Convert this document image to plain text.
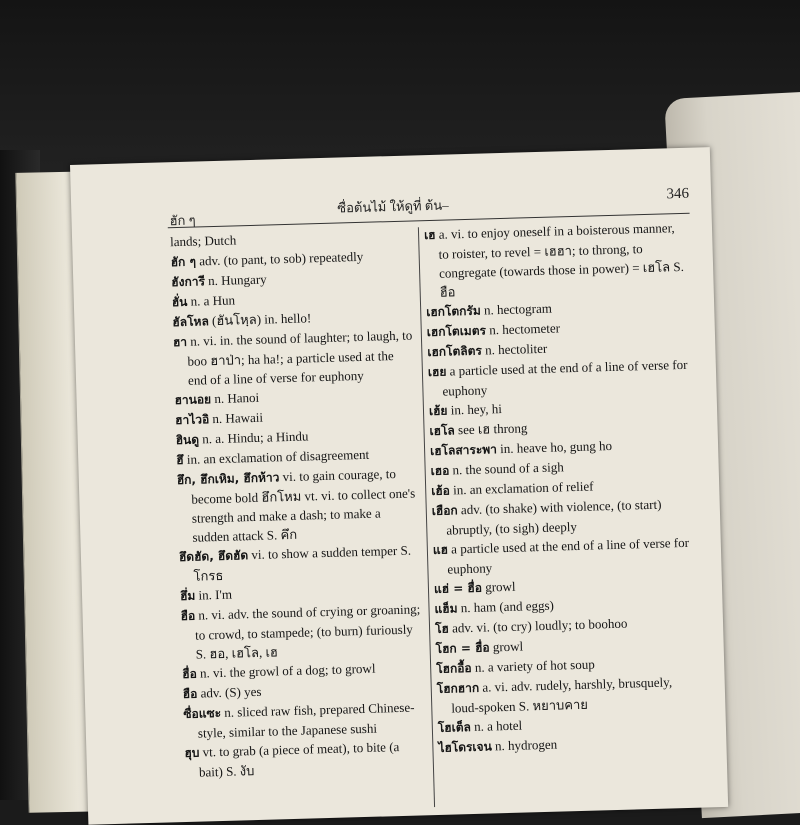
ฮัก ๆ
ซื่อต้นไม้ ให้ดูที่ ต้น–
346

lands; Dutch

ฮัก ๆ adv. (to pant, to sob) repeatedly

ฮังการี n. Hungary

ฮั่น n. a Hun

ฮัลโหล (ฮันโหฺล) in. hello!

ฮา n. vi. in. the sound of laughter; to laugh, to boo ฮาป่า; ha ha!; a particle used at the end of a line of verse for euphony

ฮานอย n. Hanoi

ฮาไวอิ n. Hawaii

ฮินดู n. a. Hindu; a Hindu

ฮึ in. an exclamation of disagreement

ฮึก, ฮึกเหิม, ฮึกห้าว vi. to gain courage, to become bold ฮึกโหม vt. vi. to collect one's strength and make a dash; to make a sudden attack S. คึก

ฮึดฮัด, ฮึดฮัด vi. to show a sudden temper S. โกรธ

ฮึ่ม in. I'm

ฮือ n. vi. adv. the sound of crying or groaning; to crowd, to stampede; (to burn) furiously S. ฮอ, เฮโล, เฮ

ฮื่อ n. vi. the growl of a dog; to growl

ฮือ adv. (S) yes

ซื่อแซะ n. sliced raw fish, prepared Chinese-style, similar to the Japanese sushi

ฮุบ vt. to grab (a piece of meat), to bite (a bait) S. งับ

เฮ a. vi. to enjoy oneself in a boisterous manner, to roister, to revel = เฮฮา; to throng, to congregate (towards those in power) = เฮโล S. ฮือ

เฮกโตกรัม n. hectogram

เฮกโตเมตร n. hectometer

เฮกโตลิตร n. hectoliter

เฮย a particle used at the end of a line of verse for euphony

เฮ้ย in. hey, hi

เฮโล see เฮ throng

เฮโลสาระพา in. heave ho, gung ho

เฮอ n. the sound of a sigh

เฮ้อ in. an exclamation of relief

เฮือก adv. (to shake) with violence, (to start) abruptly, (to sigh) deeply

แฮ a particle used at the end of a line of verse for euphony

แฮ่ = ฮื่อ growl

แฮ็ม n. ham (and eggs)

โฮ adv. vi. (to cry) loudly; to boohoo

โฮก = ฮื่อ growl

โฮกอื้อ n. a variety of hot soup

โฮกฮาก a. vi. adv. rudely, harshly, brusquely, loud-spoken S. หยาบคาย

โฮเต็ล n. a hotel

ไฮโดรเจน n. hydrogen
